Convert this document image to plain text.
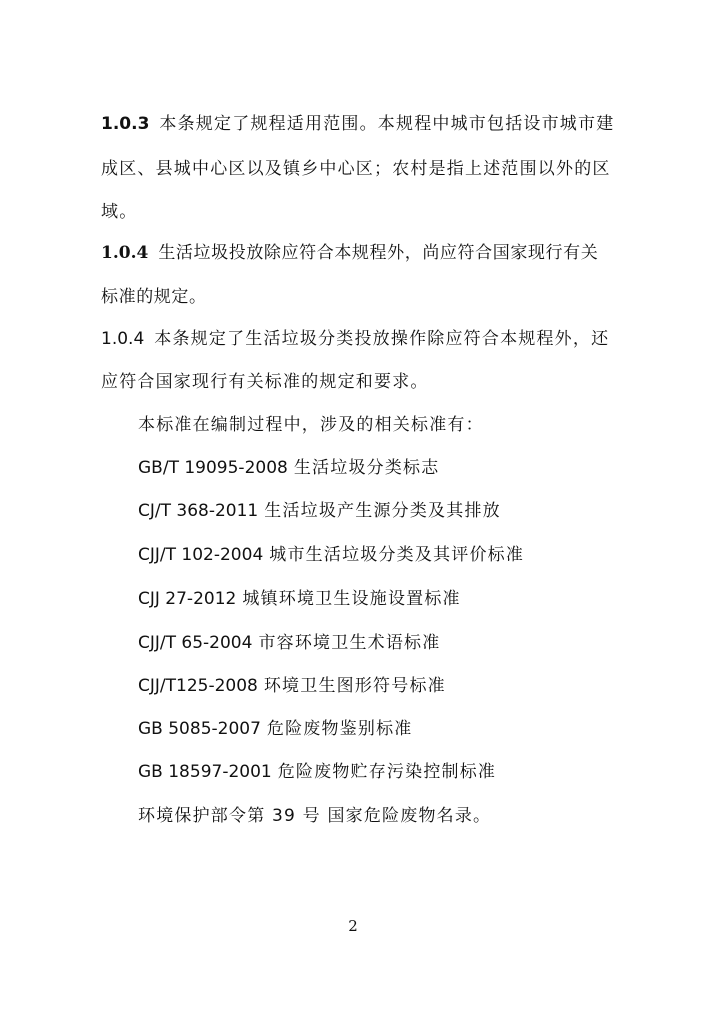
1.0.3 本条规定了规程适用范围。本规程中城市包括设市城市建
成区、县城中心区以及镇乡中心区；农村是指上述范围以外的区
域。
1.0.4 生活垃圾投放除应符合本规程外，尚应符合国家现行有关
标准的规定。
1.0.4 本条规定了生活垃圾分类投放操作除应符合本规程外，还
应符合国家现行有关标准的规定和要求。
本标准在编制过程中，涉及的相关标准有：
GB/T 19095-2008 生活垃圾分类标志
CJ/T 368-2011 生活垃圾产生源分类及其排放
CJJ/T 102-2004 城市生活垃圾分类及其评价标准
CJJ 27-2012 城镇环境卫生设施设置标准
CJJ/T 65-2004 市容环境卫生术语标准
CJJ/T125-2008 环境卫生图形符号标准
GB 5085-2007 危险废物鉴别标准
GB 18597-2001 危险废物贮存污染控制标准
环境保护部令第 39 号 国家危险废物名录。
2
